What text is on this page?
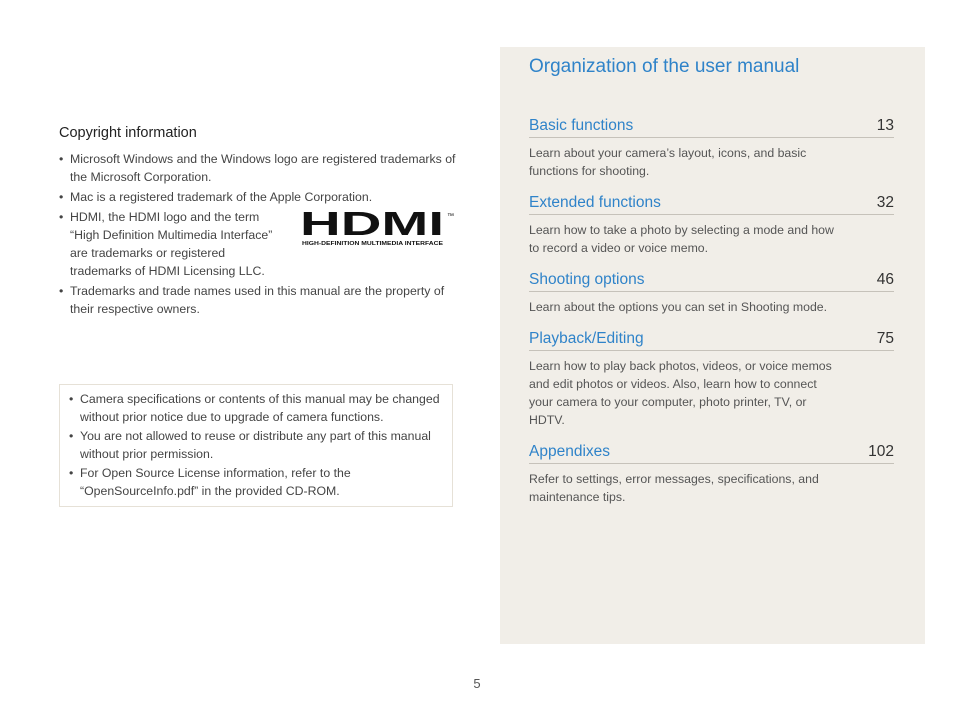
Copyright information
• Microsoft Windows and the Windows logo are registered trademarks of the Microsoft Corporation.
• Mac is a registered trademark of the Apple Corporation.
• HDMI, the HDMI logo and the term “High Definition Multimedia Interface” are trademarks or registered trademarks of HDMI Licensing LLC.
HDMI ™
HIGH-DEFINITION MULTIMEDIA INTERFACE
• Trademarks and trade names used in this manual are the property of their respective owners.
• Camera specifications or contents of this manual may be changed without prior notice due to upgrade of camera functions.
• You are not allowed to reuse or distribute any part of this manual without prior permission.
• For Open Source License information, refer to the “OpenSourceInfo.pdf” in the provided CD-ROM.
Organization of the user manual
Basic functions	13
Learn about your camera’s layout, icons, and basic functions for shooting.
Extended functions	32
Learn how to take a photo by selecting a mode and how to record a video or voice memo.
Shooting options	46
Learn about the options you can set in Shooting mode.
Playback/Editing	75
Learn how to play back photos, videos, or voice memos and edit photos or videos. Also, learn how to connect your camera to your computer, photo printer, TV, or HDTV.
Appendixes	102
Refer to settings, error messages, specifications, and maintenance tips.
5
